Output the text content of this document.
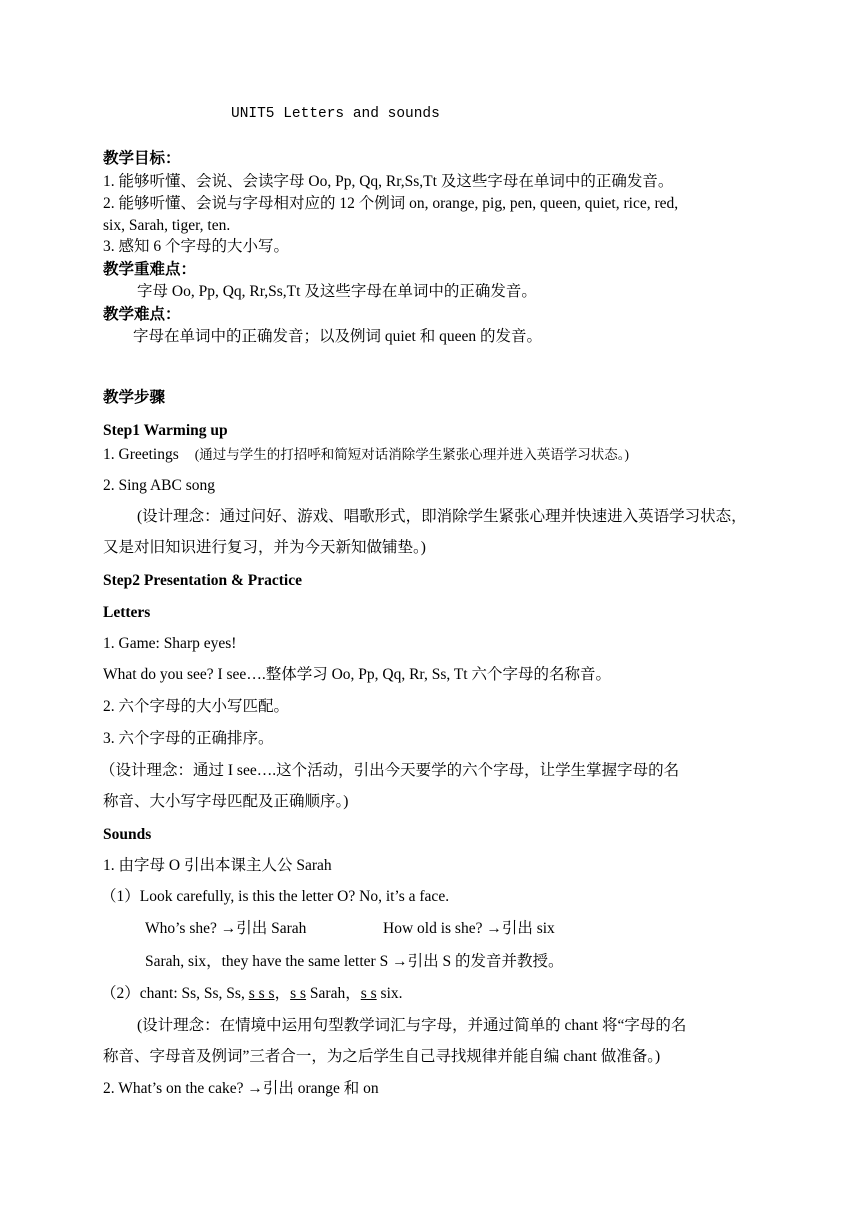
UNIT5 Letters and sounds
教学目标：
1. 能够听懂、会说、会读字母 Oo, Pp, Qq, Rr,Ss,Tt 及这些字母在单词中的正确发音。
2. 能够听懂、会说与字母相对应的 12 个例词 on, orange, pig, pen, queen, quiet, rice, red,
six, Sarah, tiger, ten.
3. 感知 6 个字母的大小写。
教学重难点：
字母 Oo, Pp, Qq, Rr,Ss,Tt 及这些字母在单词中的正确发音。
教学难点：
字母在单词中的正确发音；以及例词 quiet 和 queen 的发音。
教学步骤
Step1 Warming up
1. Greetings (通过与学生的打招呼和简短对话消除学生紧张心理并进入英语学习状态。)
2. Sing ABC song
(设计理念：通过问好、游戏、唱歌形式，即消除学生紧张心理并快速进入英语学习状态，
又是对旧知识进行复习，并为今天新知做铺垫。)
Step2 Presentation & Practice
Letters
1. Game: Sharp eyes!
What do you see? I see….整体学习 Oo, Pp, Qq, Rr, Ss, Tt 六个字母的名称音。
2. 六个字母的大小写匹配。
3. 六个字母的正确排序。
（设计理念：通过 I see….这个活动，引出今天要学的六个字母，让学生掌握字母的名
称音、大小写字母匹配及正确顺序。)
Sounds
1. 由字母 O 引出本课主人公 Sarah
（1）Look carefully, is this the letter O? No, it’s a face.
Who’s she? →引出 Sarah	How old is she? →引出 six
Sarah, six，they have the same letter S →引出 S 的发音并教授。
（2）chant: Ss, Ss, Ss, s s s，s s Sarah，s s six.
(设计理念：在情境中运用句型教学词汇与字母，并通过简单的 chant 将“字母的名
称音、字母音及例词”三者合一，为之后学生自己寻找规律并能自编 chant 做准备。)
2. What’s on the cake? →引出 orange 和 on
